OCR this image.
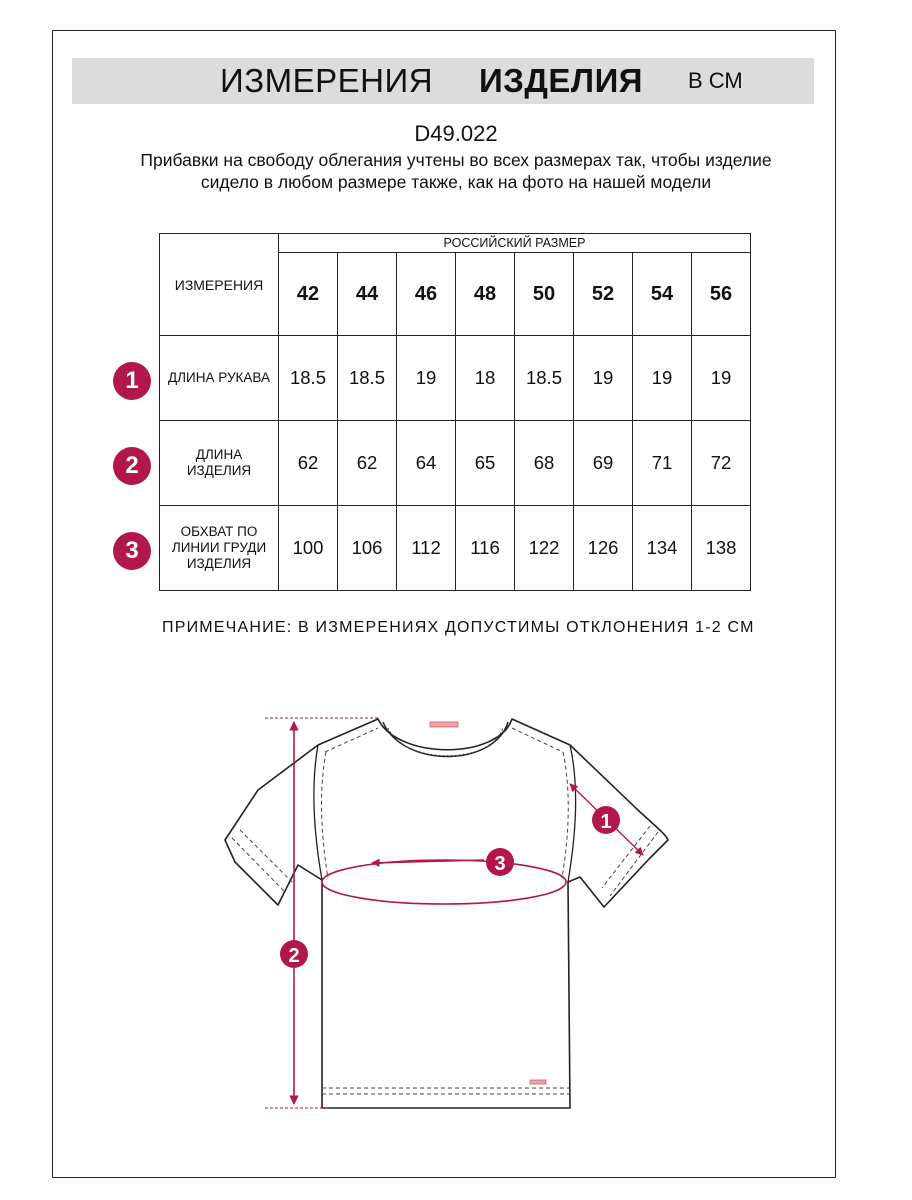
ИЗМЕРЕНИЯ ИЗДЕЛИЯ В СМ
D49.022
Прибавки на свободу облегания учтены во всех размерах так, чтобы изделие сидело в любом размере также, как на фото на нашей модели
ИЗМЕРЕНИЯ	РОССИЙСКИЙ РАЗМЕР							
	42	44	46	48	50	52	54	56

ДЛИНА РУКАВА	18.5	18.5	19	18	18.5	19	19	19

ДЛИНА
ИЗДЕЛИЯ	62	62	64	65	68	69	71	72

ОБХВАТ ПО
ЛИНИИ ГРУДИ
ИЗДЕЛИЯ	100	106	112	116	122	126	134	138
1
2
3
ПРИМЕЧАНИЕ: В ИЗМЕРЕНИЯХ ДОПУСТИМЫ ОТКЛОНЕНИЯ 1-2 СМ
1
2
3
